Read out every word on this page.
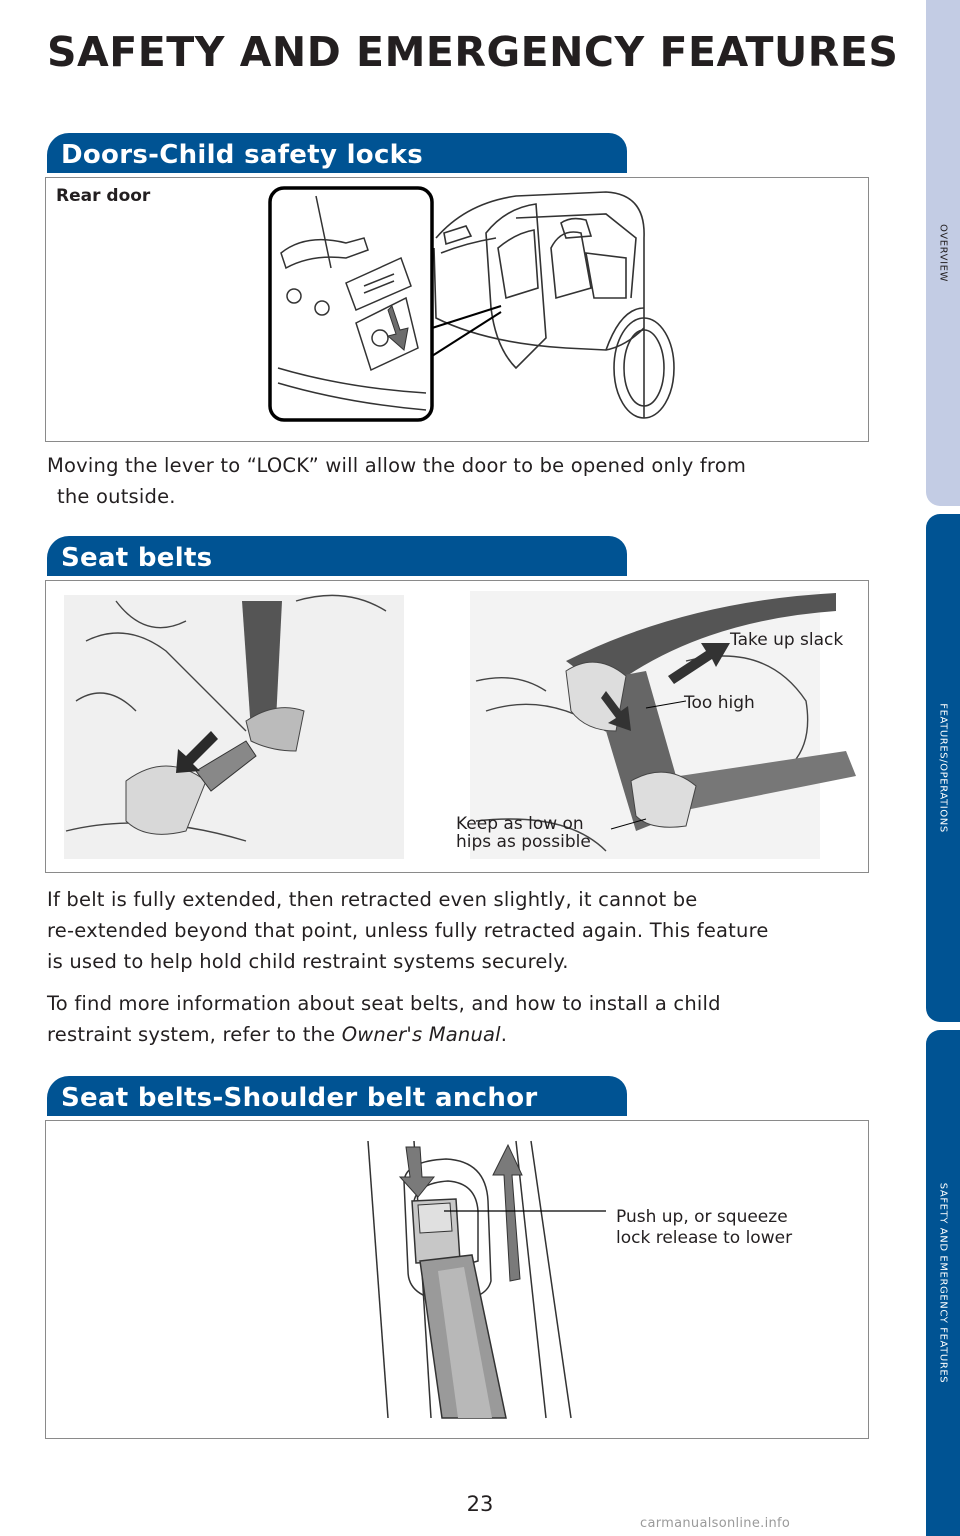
SAFETY AND EMERGENCY FEATURES
OVERVIEW
FEATURES/OPERATIONS
SAFETY AND EMERGENCY FEATURES
Doors-Child safety locks
Rear door
Moving the lever to “LOCK” will allow the door to be opened only from
the outside.
Seat belts
Take up slack
Too high
Keep as low on
hips as possible
If belt is fully extended, then retracted even slightly, it cannot be
re-extended beyond that point, unless fully retracted again. This feature
is used to help hold child restraint systems securely.
To find more information about seat belts, and how to install a child
restraint system, refer to the Owner's Manual.
Seat belts-Shoulder belt anchor
Push up, or squeeze
lock release to lower
23
carmanualsonline.info
